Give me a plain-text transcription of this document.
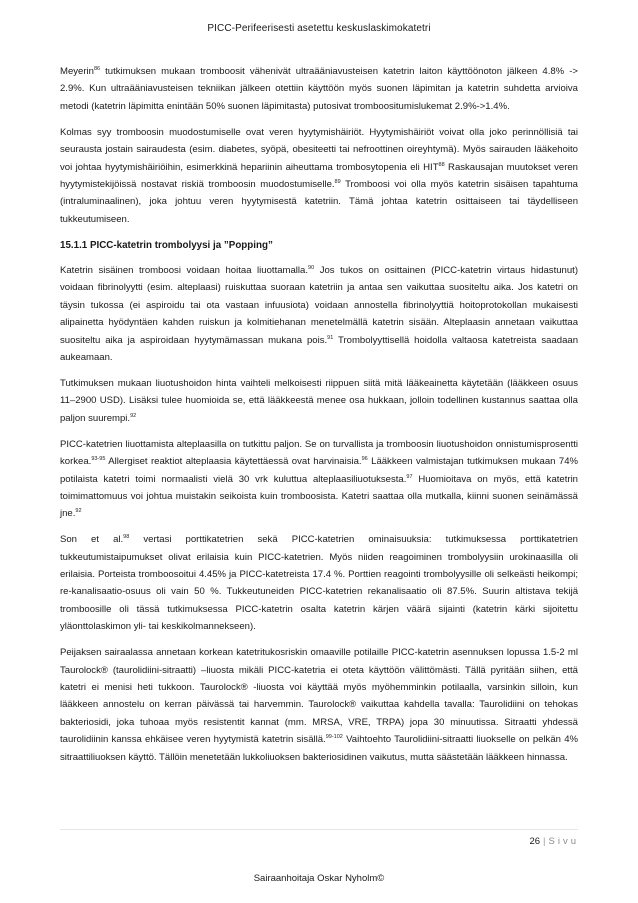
PICC-Perifeerisesti asetettu keskuslaskimokatetri

Meyerin$^{86}$ tutkimuksen mukaan tromboosit vähenivät ultraääniavusteisen katetrin laiton käyttöönoton jälkeen 4.8% -> 2.9%. Kun ultraääniavusteisen tekniikan jälkeen otettiin käyttöön myös suonen läpimitan ja katetrin suhdetta arvioiva metodi (katetrin läpimitta enintään 50% suonen läpimitasta) putosivat tromboositumislukemat 2.9%->1.4%.

Kolmas syy tromboosin muodostumiselle ovat veren hyytymishäiriöt. Hyytymishäiriöt voivat olla joko perinnöllisiä tai seurausta jostain sairaudesta (esim. diabetes, syöpä, obesiteetti tai nefroottinen oireyhtymä). Myös sairauden lääkehoito voi johtaa hyytymishäiriöihin, esimerkkinä hepariinin aiheuttama trombosytopenia eli HIT$^{88}$ Raskausajan muutokset veren hyytymistekijöissä nostavat riskiä tromboosin muodostumiselle.$^{89}$ Tromboosi voi olla myös katetrin sisäisen tapahtuma (intraluminaalinen), joka johtuu veren hyytymisestä katetriin. Tämä johtaa katetrin osittaiseen tai täydelliseen tukkeutumiseen.

15.1.1 PICC-katetrin trombolyysi ja ”Popping”

Katetrin sisäinen tromboosi voidaan hoitaa liuottamalla.$^{90}$ Jos tukos on osittainen (PICC-katetrin virtaus hidastunut) voidaan fibrinolyytti (esim. alteplaasi) ruiskuttaa suoraan katetriin ja antaa sen vaikuttaa suositeltu aika. Jos katetri on täysin tukossa (ei aspiroidu tai ota vastaan infuusiota) voidaan annostella fibrinolyyttiä hoitoprotokollan mukaisesti alipainetta hyödyntäen kahden ruiskun ja kolmitiehanan menetelmällä katetrin sisään. Alteplaasin annetaan vaikuttaa suositeltu aika ja aspiroidaan hyytymämassan mukana pois.$^{91}$ Trombolyyttisellä hoidolla valtaosa katetreista saadaan aukeamaan.

Tutkimuksen mukaan liuotushoidon hinta vaihteli melkoisesti riippuen siitä mitä lääkeainetta käytetään (lääkkeen osuus 11–2900 USD). Lisäksi tulee huomioida se, että lääkkeestä menee osa hukkaan, jolloin todellinen kustannus saattaa olla paljon suurempi.$^{92}$

PICC-katetrien liuottamista alteplaasilla on tutkittu paljon. Se on turvallista ja tromboosin liuotushoidon onnistumisprosentti korkea.$^{93-95}$ Allergiset reaktiot alteplaasia käytettäessä ovat harvinaisia.$^{96}$ Lääkkeen valmistajan tutkimuksen mukaan 74% potilaista katetri toimi normaalisti vielä 30 vrk kuluttua alteplaasiliuotuksesta.$^{97}$ Huomioitava on myös, että katetrin toimimattomuus voi johtua muistakin seikoista kuin tromboosista. Katetri saattaa olla mutkalla, kiinni suonen seinämässä jne.$^{92}$

Son et al.$^{98}$ vertasi porttikatetrien sekä PICC-katetrien ominaisuuksia: tutkimuksessa porttikatetrien tukkeutumistaipumukset olivat erilaisia kuin PICC-katetrien. Myös niiden reagoiminen trombolyysiin urokinaasilla oli erilaisia. Porteista tromboosoitui 4.45% ja PICC-katetreista 17.4 %. Porttien reagointi trombolyysille oli selkeästi heikompi; re-kanalisaatio-osuus oli vain 50 %. Tukkeutuneiden PICC-katetrien rekanalisaatio oli 87.5%. Suurin altistava tekijä tromboosille oli tässä tutkimuksessa PICC-katetrin osalta katetrin kärjen väärä sijainti (katetrin kärki sijoitettu yläonttolaskimon yli- tai keskikolmannekseen).

Peijaksen sairaalassa annetaan korkean katetritukosriskin omaaville potilaille PICC-katetrin asennuksen lopussa 1.5-2 ml Taurolock® (taurolidiini-sitraatti) –liuosta mikäli PICC-katetria ei oteta käyttöön välittömästi. Tällä pyritään siihen, että katetri ei menisi heti tukkoon. Taurolock® -liuosta voi käyttää myös myöhemminkin potilaalla, varsinkin silloin, kun lääkkeen annostelu on kerran päivässä tai harvemmin. Taurolock® vaikuttaa kahdella tavalla: Taurolidiini on tehokas bakteriosidi, joka tuhoaa myös resistentit kannat (mm. MRSA, VRE, TRPA) jopa 30 minuutissa. Sitraatti yhdessä taurolidiinin kanssa ehkäisee veren hyytymistä katetrin sisällä.$^{99-102}$ Vaihtoehto Taurolidiini-sitraatti liuokselle on pelkän 4% sitraattiliuoksen käyttö. Tällöin menetetään lukkoliuoksen bakteriosidinen vaikutus, mutta säästetään lääkkeen hinnassa.

26 | Sivu
Sairaanhoitaja Oskar Nyholm©
